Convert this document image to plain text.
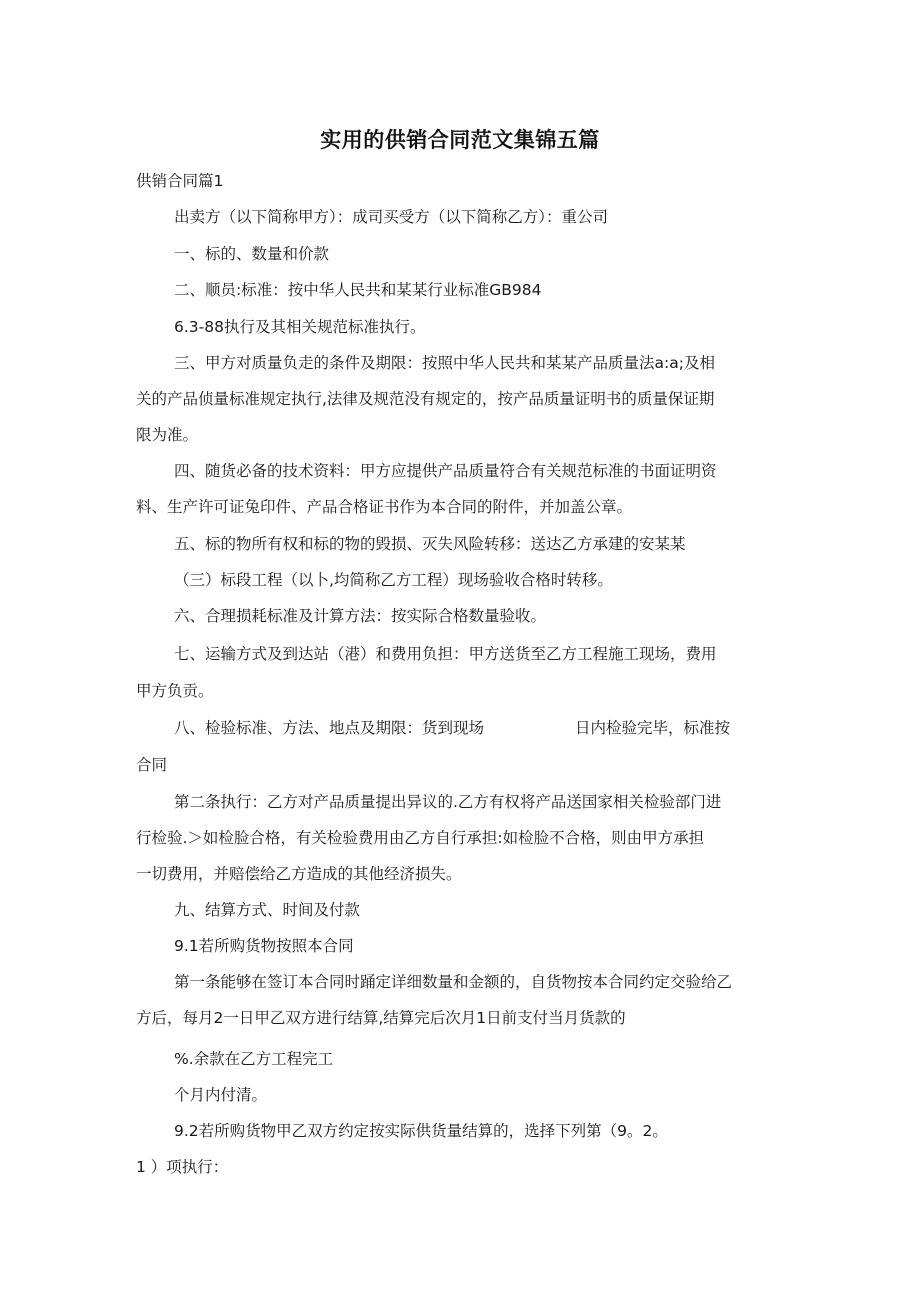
实用的供销合同范文集锦五篇
供销合同篇1
出卖方（以下简称甲方）：成司买受方（以下简称乙方）：重公司
一、标的、数量和价款
二、顺员:标准：按中华人民共和某某行业标准GB984
6.3-88执行及其相关规范标准执行。
三、甲方对质量负走的条件及期限：按照中华人民共和某某产品质量法a:a;及相
关的产品侦量标准规定执行,法律及规范没有规定的，按产品质量证明书的质量保证期
限为准。
四、随货必备的技术资料：甲方应提供产品质量符合有关规范标准的书面证明资
料、生产许可证兔印件、产品合格证书作为本合同的附件，并加盖公章。
五、标的物所有权和标的物的毁损、灭失风险转移：送达乙方承建的安某某
（三）标段工程（以卜,均简称乙方工程）现场验收合格时转移。
六、合理损耗标准及计算方法：按实际合格数量验收。
七、运输方式及到达站（港）和费用负担：甲方送货至乙方工程施工现场，费用
甲方负贡。
八、检验标准、方法、地点及期限：货到现场	日内检验完毕，标准按
合同
第二条执行：乙方对产品质量提出异议的.乙方有权将产品送国家相关检验部门进
行检验.＞如检脸合格，有关检验费用由乙方自行承担:如检脸不合格，则由甲方承担
一切费用，并赔偿给乙方造成的其他经济损失。
九、结算方式、时间及付款
9.1若所购货物按照本合同
第一条能够在签订本合同时踊定详细数量和金额的，自货物按本合同约定交验给乙
方后，每月2一日甲乙双方进行结算,结算完后次月1日前支付当月货款的
%.余款在乙方工程完工
个月内付清。
9.2若所购货物甲乙双方约定按实际供货量结算的，选择下列第（9。2。
1 ）项执行：
